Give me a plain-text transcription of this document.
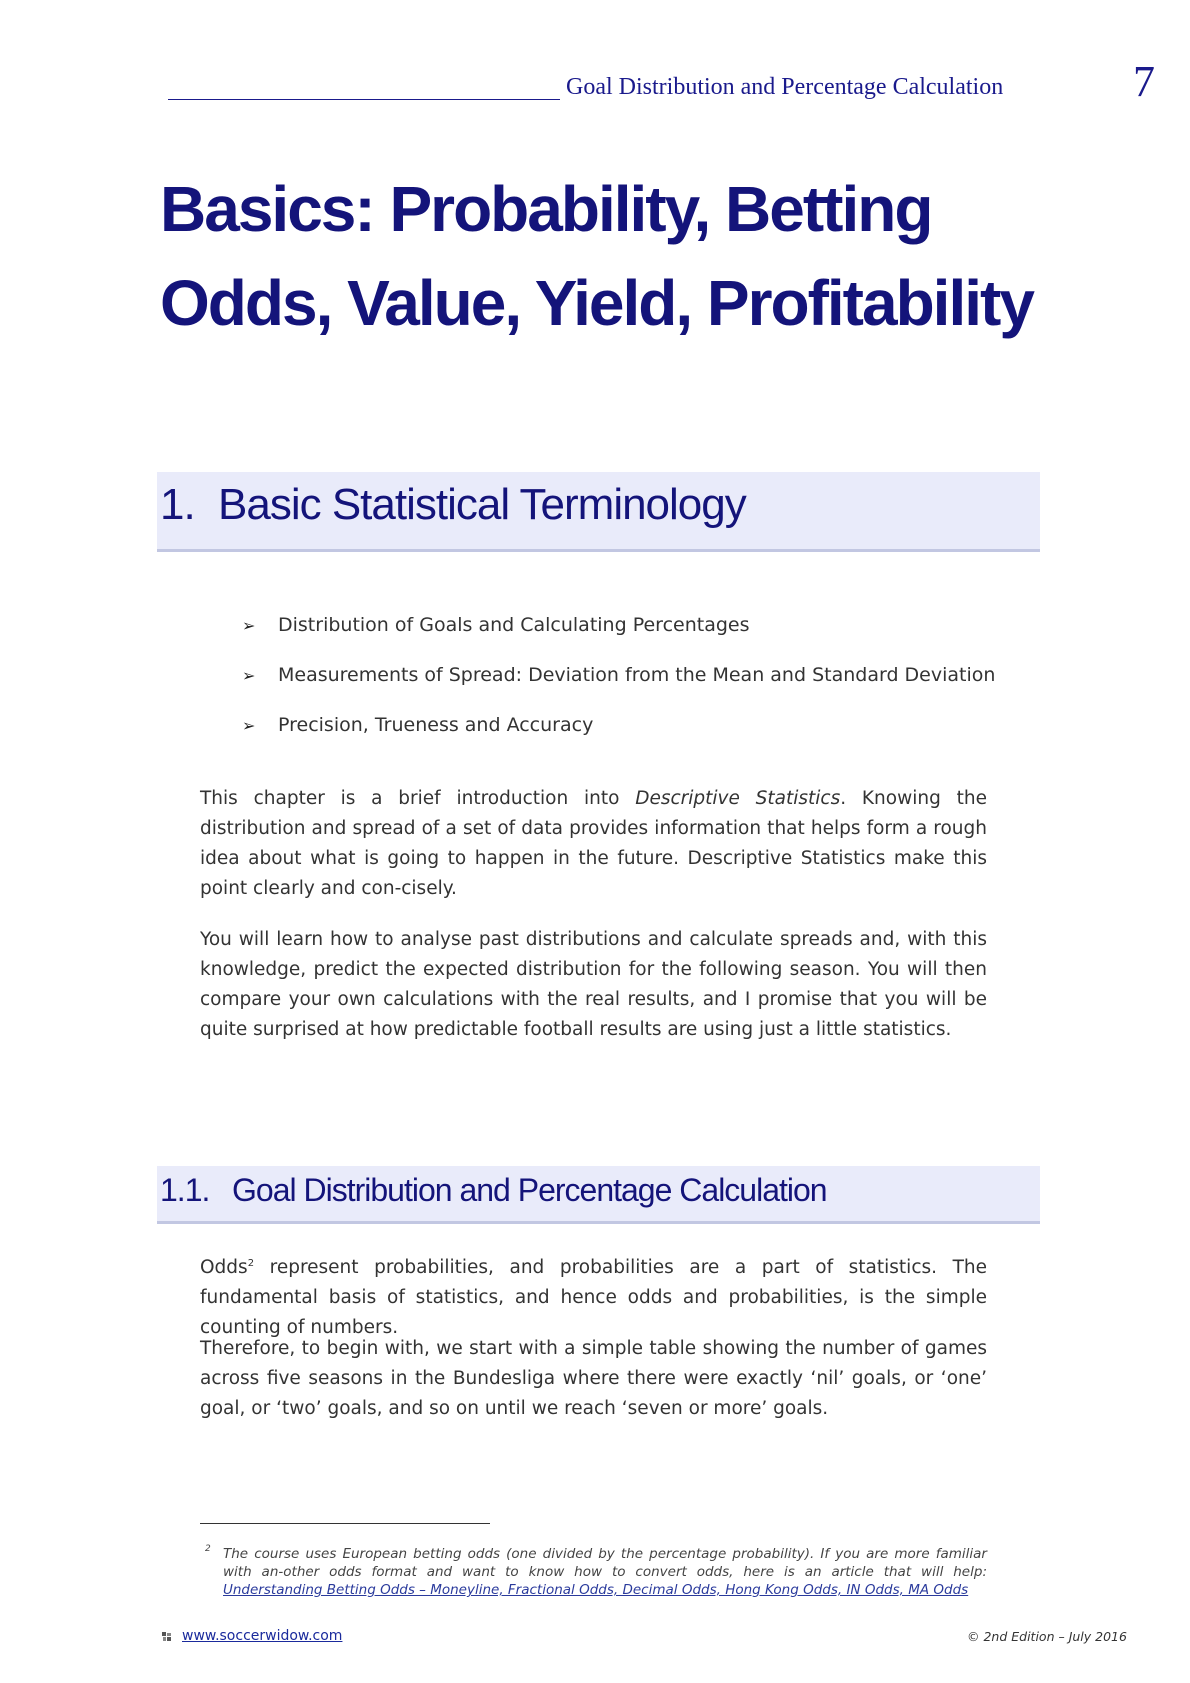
Goal Distribution and Percentage Calculation	7
Basics: Probability, Betting
Odds, Value, Yield, Profitability
1. Basic Statistical Terminology
➢	Distribution of Goals and Calculating Percentages
➢	Measurements of Spread: Deviation from the Mean and Standard Deviation
➢	Precision, Trueness and Accuracy

This chapter is a brief introduction into Descriptive Statistics. Knowing the distribution and spread of a set of data provides information that helps form a rough idea about what is going to happen in the future. Descriptive Statistics make this point clearly and con-cisely.

You will learn how to analyse past distributions and calculate spreads and, with this knowledge, predict the expected distribution for the following season. You will then compare your own calculations with the real results, and I promise that you will be quite surprised at how predictable football results are using just a little statistics.

1.1. Goal Distribution and Percentage Calculation

Odds$^2$ represent probabilities, and probabilities are a part of statistics. The fundamental basis of statistics, and hence odds and probabilities, is the simple counting of numbers.

Therefore, to begin with, we start with a simple table showing the number of games across five seasons in the Bundesliga where there were exactly ‘nil’ goals, or ‘one’ goal, or ‘two’ goals, and so on until we reach ‘seven or more’ goals.

2 The course uses European betting odds (one divided by the percentage probability). If you are more familiar with an-other odds format and want to know how to convert odds, here is an article that will help: Understanding Betting Odds – Moneyline, Fractional Odds, Decimal Odds, Hong Kong Odds, IN Odds, MA Odds
www.soccerwidow.com	© 2nd Edition – July 2016
